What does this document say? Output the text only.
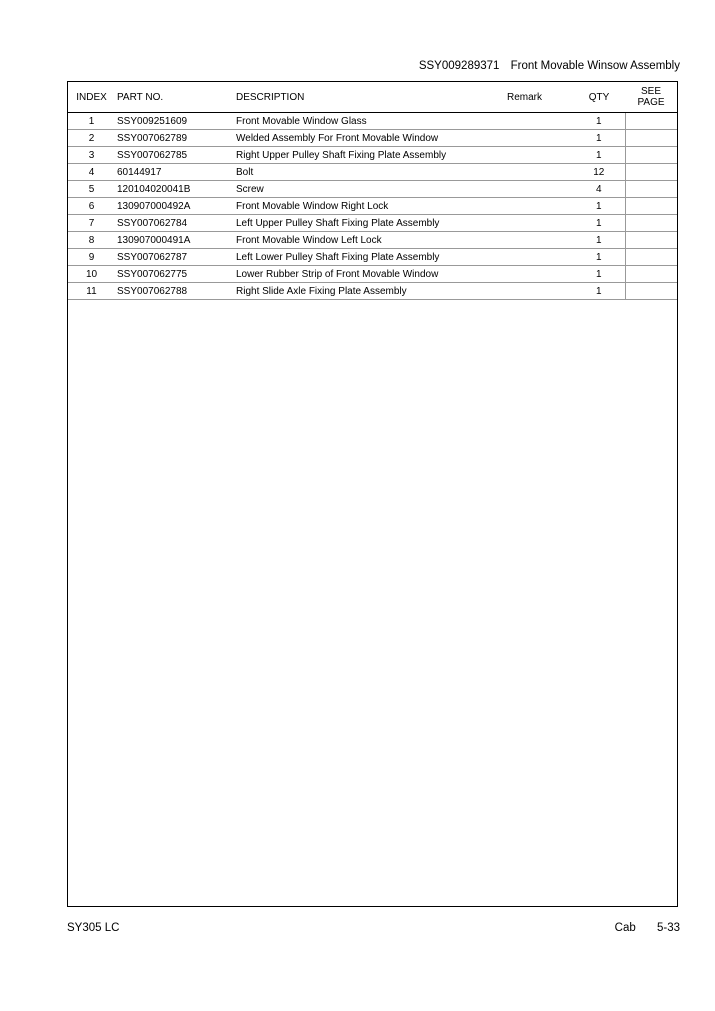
SSY009289371 Front Movable Winsow Assembly
INDEX	PART NO.	DESCRIPTION	Remark	QTY	SEE
PAGE
1	SSY009251609	Front Movable Window Glass		1	
2	SSY007062789	Welded Assembly For Front Movable Window		1	
3	SSY007062785	Right Upper Pulley Shaft Fixing Plate Assembly		1	
4	60144917	Bolt		12	
5	120104020041B	Screw		4	
6	130907000492A	Front Movable Window Right Lock		1	
7	SSY007062784	Left Upper Pulley Shaft Fixing Plate Assembly		1	
8	130907000491A	Front Movable Window Left Lock		1	
9	SSY007062787	Left Lower Pulley Shaft Fixing Plate Assembly		1	
10	SSY007062775	Lower Rubber Strip of Front Movable Window		1	
11	SSY007062788	Right Slide Axle Fixing Plate Assembly		1	
SY305 LC	Cab 5-33
